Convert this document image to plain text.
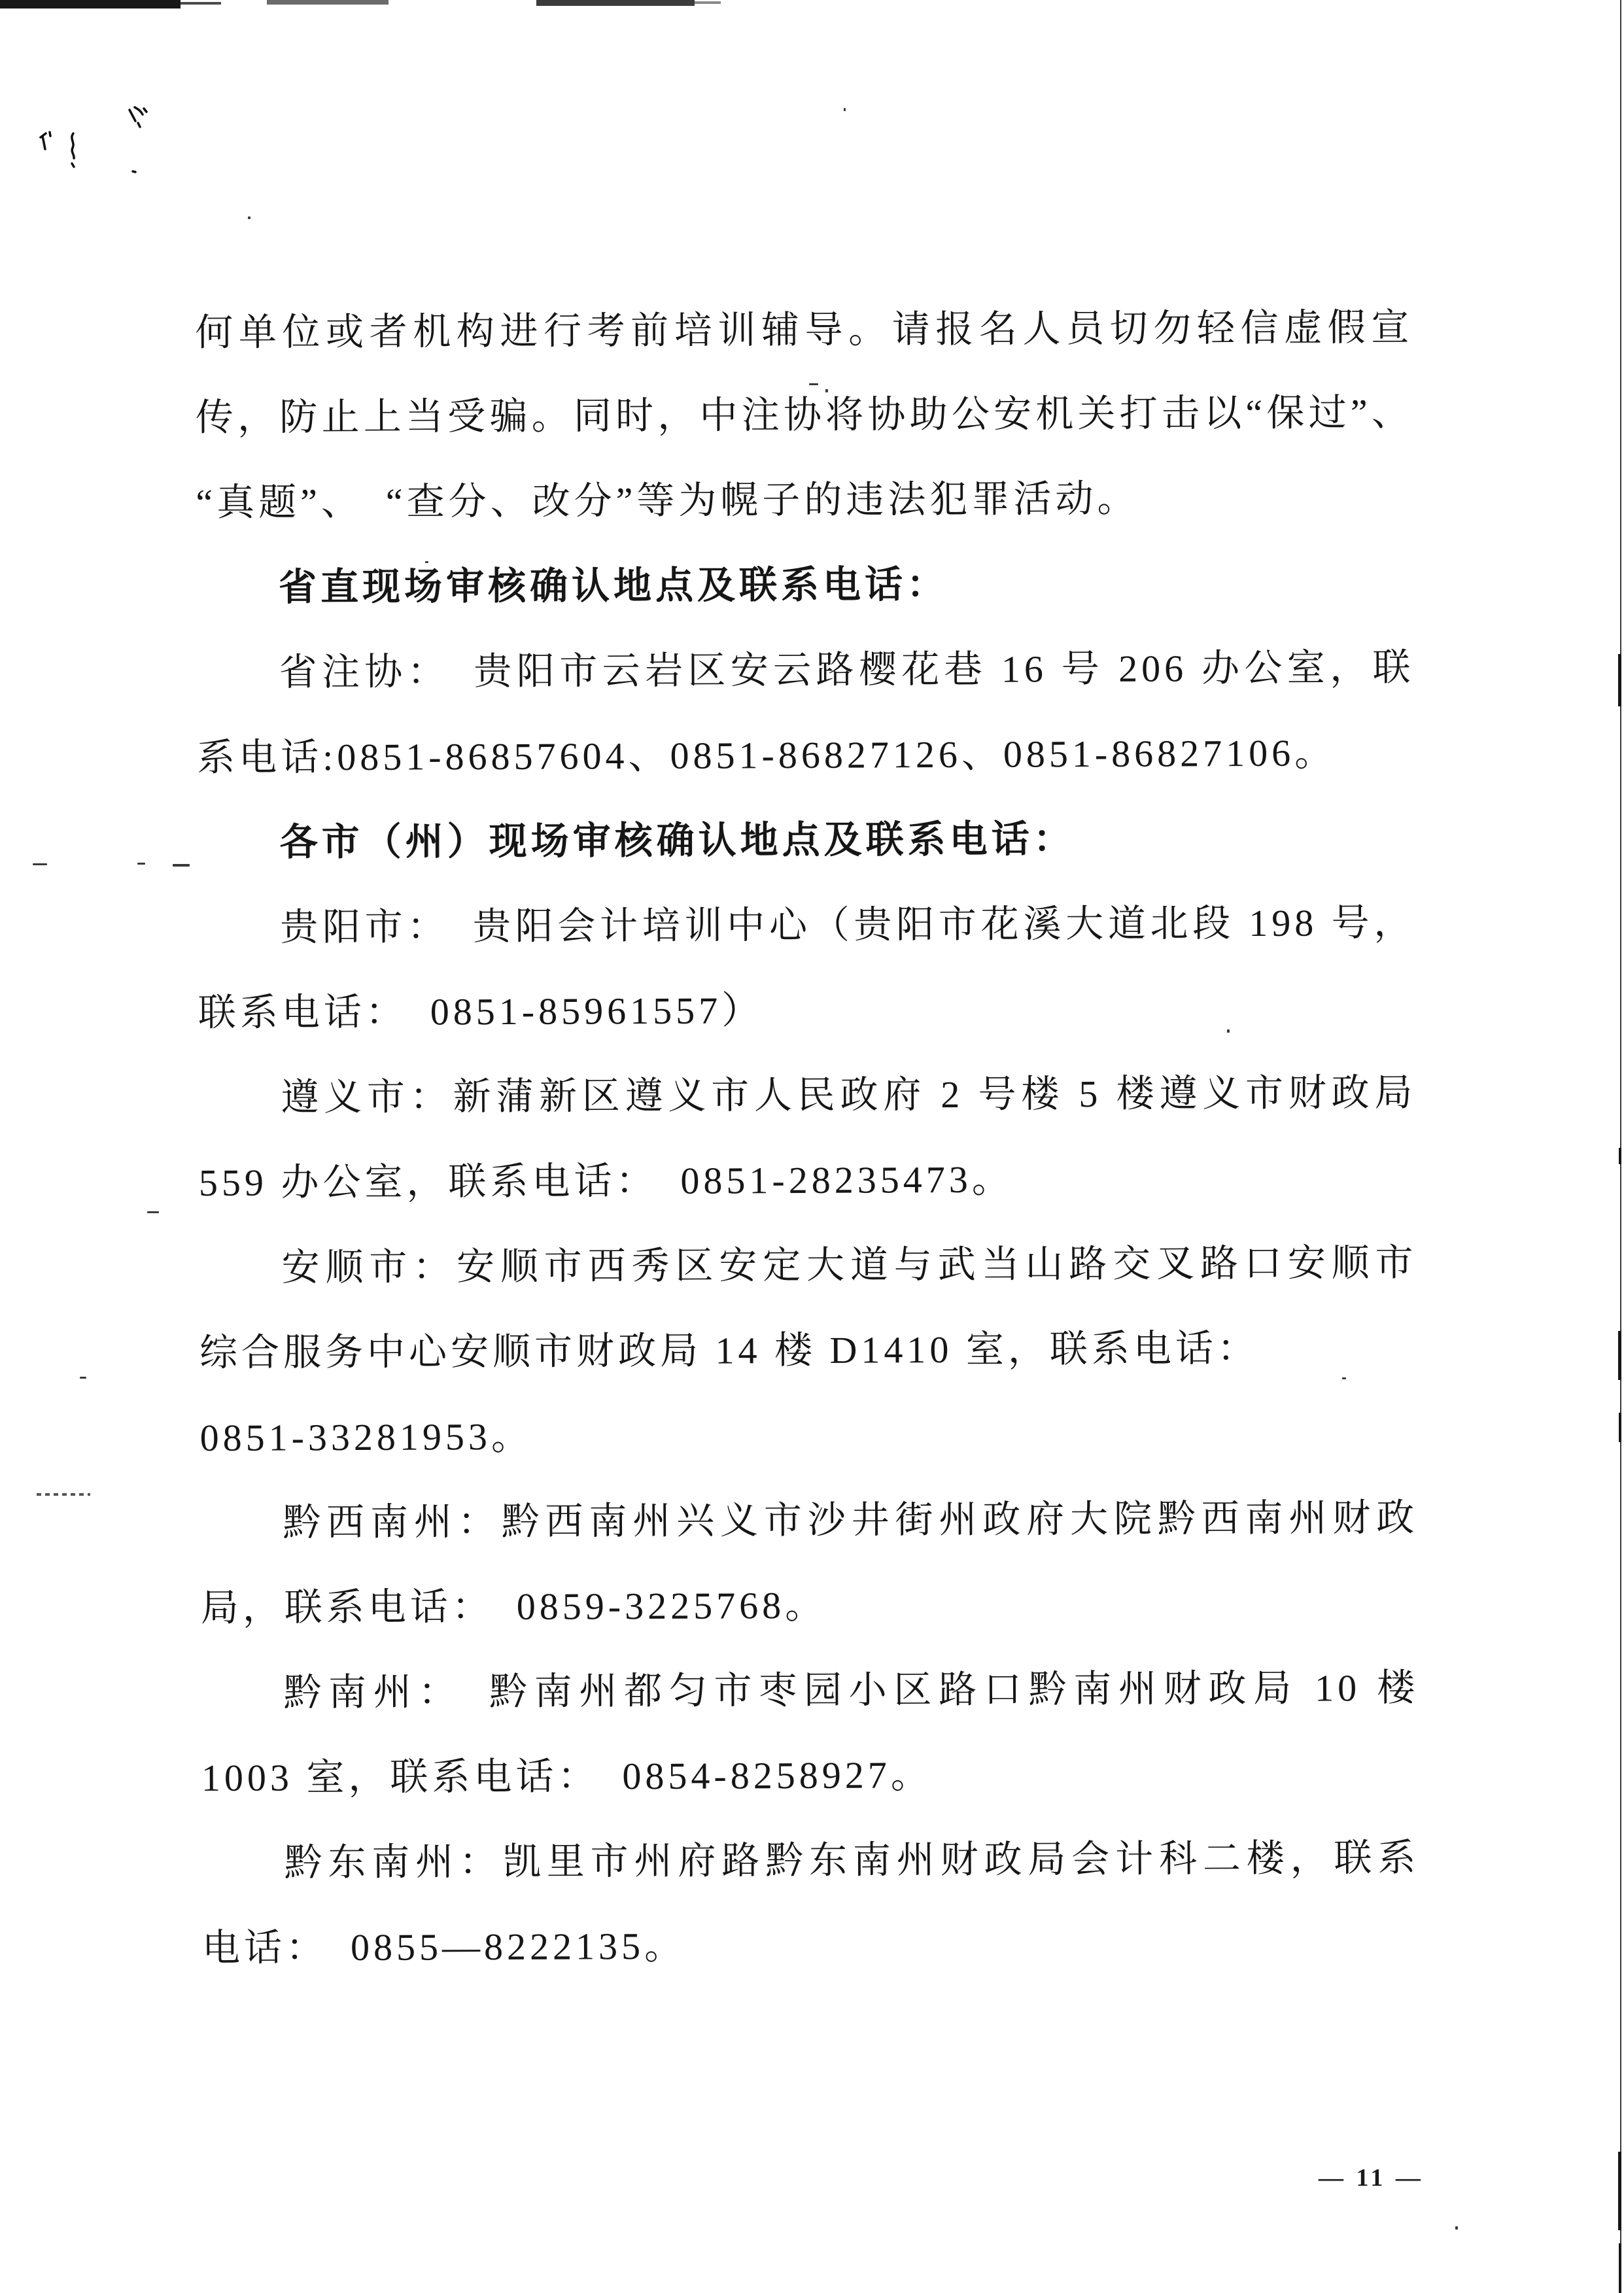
何单位或者机构进行考前培训辅导。请报名人员切勿轻信虚假宣
传，防止上当受骗。同时，中注协将协助公安机关打击以“保过”、
“真题”、　“查分、改分”等为幌子的违法犯罪活动。
省直现场审核确认地点及联系电话：
省注协：　贵阳市云岩区安云路樱花巷 16 号 206 办公室，联
系电话:0851-86857604、0851-86827126、0851-86827106。
各市（州）现场审核确认地点及联系电话：
贵阳市：　贵阳会计培训中心（贵阳市花溪大道北段 198 号，
联系电话：　0851-85961557）
遵义市：新蒲新区遵义市人民政府 2 号楼 5 楼遵义市财政局
559 办公室，联系电话：　0851-28235473。
安顺市：安顺市西秀区安定大道与武当山路交叉路口安顺市
综合服务中心安顺市财政局 14 楼 D1410 室，联系电话：
0851-33281953。
黔西南州：黔西南州兴义市沙井街州政府大院黔西南州财政
局，联系电话：　0859-3225768。
黔南州：　黔南州都匀市枣园小区路口黔南州财政局 10 楼
1003 室，联系电话：　0854-8258927。
黔东南州：凯里市州府路黔东南州财政局会计科二楼，联系
电话：　0855—8222135。
— 11 —
